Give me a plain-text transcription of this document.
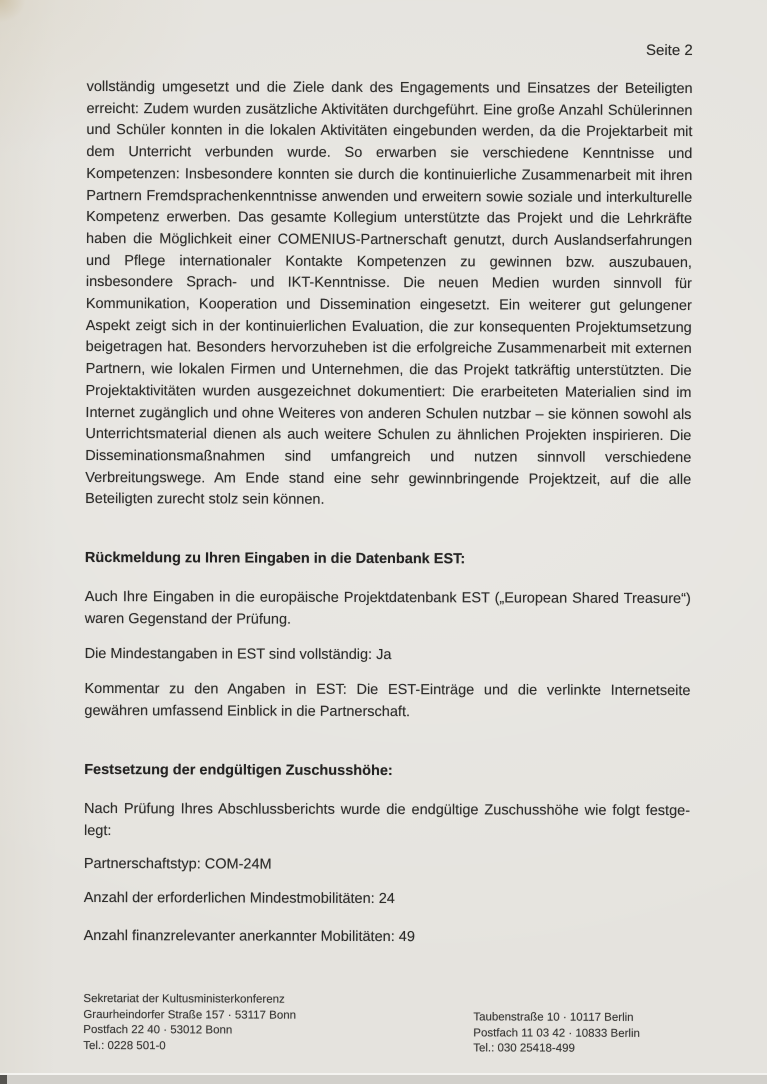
Seite 2
vollständig umgesetzt und die Ziele dank des Engagements und Einsatzes der Beteiligten erreicht: Zudem wurden zusätzliche Aktivitäten durchgeführt. Eine große Anzahl Schülerinnen und Schüler konnten in die lokalen Aktivitäten eingebunden werden, da die Projektarbeit mit dem Unterricht verbunden wurde. So erwarben sie verschiedene Kenntnisse und Kompetenzen: Insbesondere konnten sie durch die kontinuierliche Zusammenarbeit mit ihren Partnern Fremdsprachenkenntnisse anwenden und erweitern sowie soziale und interkulturelle Kompetenz erwerben. Das gesamte Kollegium unterstützte das Projekt und die Lehrkräfte haben die Möglichkeit einer COMENIUS-Partnerschaft genutzt, durch Auslandserfahrungen und Pflege internationaler Kontakte Kompetenzen zu gewinnen bzw. auszubauen, insbesondere Sprach- und IKT-Kenntnisse. Die neuen Medien wurden sinnvoll für Kommunikation, Kooperation und Dissemination eingesetzt. Ein weiterer gut gelungener Aspekt zeigt sich in der kontinuierlichen Evaluation, die zur konsequenten Projektumsetzung beigetragen hat. Besonders hervorzuheben ist die erfolgreiche Zusammenarbeit mit externen Partnern, wie lokalen Firmen und Unternehmen, die das Projekt tatkräftig unterstützten. Die Projektaktivitäten wurden ausgezeichnet dokumentiert: Die erarbeiteten Materialien sind im Internet zugänglich und ohne Weiteres von anderen Schulen nutzbar – sie können sowohl als Unterrichtsmaterial dienen als auch weitere Schulen zu ähnlichen Projekten inspirieren. Die Disseminationsmaßnahmen sind umfangreich und nutzen sinnvoll verschiedene Verbreitungswege. Am Ende stand eine sehr gewinnbringende Projektzeit, auf die alle Beteiligten zurecht stolz sein können.
Rückmeldung zu Ihren Eingaben in die Datenbank EST:
Auch Ihre Eingaben in die europäische Projektdatenbank EST („European Shared Treasure“) waren Gegenstand der Prüfung.
Die Mindestangaben in EST sind vollständig: Ja
Kommentar zu den Angaben in EST: Die EST-Einträge und die verlinkte Internetseite gewähren umfassend Einblick in die Partnerschaft.
Festsetzung der endgültigen Zuschusshöhe:
Nach Prüfung Ihres Abschlussberichts wurde die endgültige Zuschusshöhe wie folgt festge-
legt:
Partnerschaftstyp: COM-24M
Anzahl der erforderlichen Mindestmobilitäten: 24
Anzahl finanzrelevanter anerkannter Mobilitäten: 49
Sekretariat der Kultusministerkonferenz
Graurheindorfer Straße 157 · 53117 Bonn
Postfach 22 40 · 53012 Bonn
Tel.: 0228 501-0
Taubenstraße 10 · 10117 Berlin
Postfach 11 03 42 · 10833 Berlin
Tel.: 030 25418-499
